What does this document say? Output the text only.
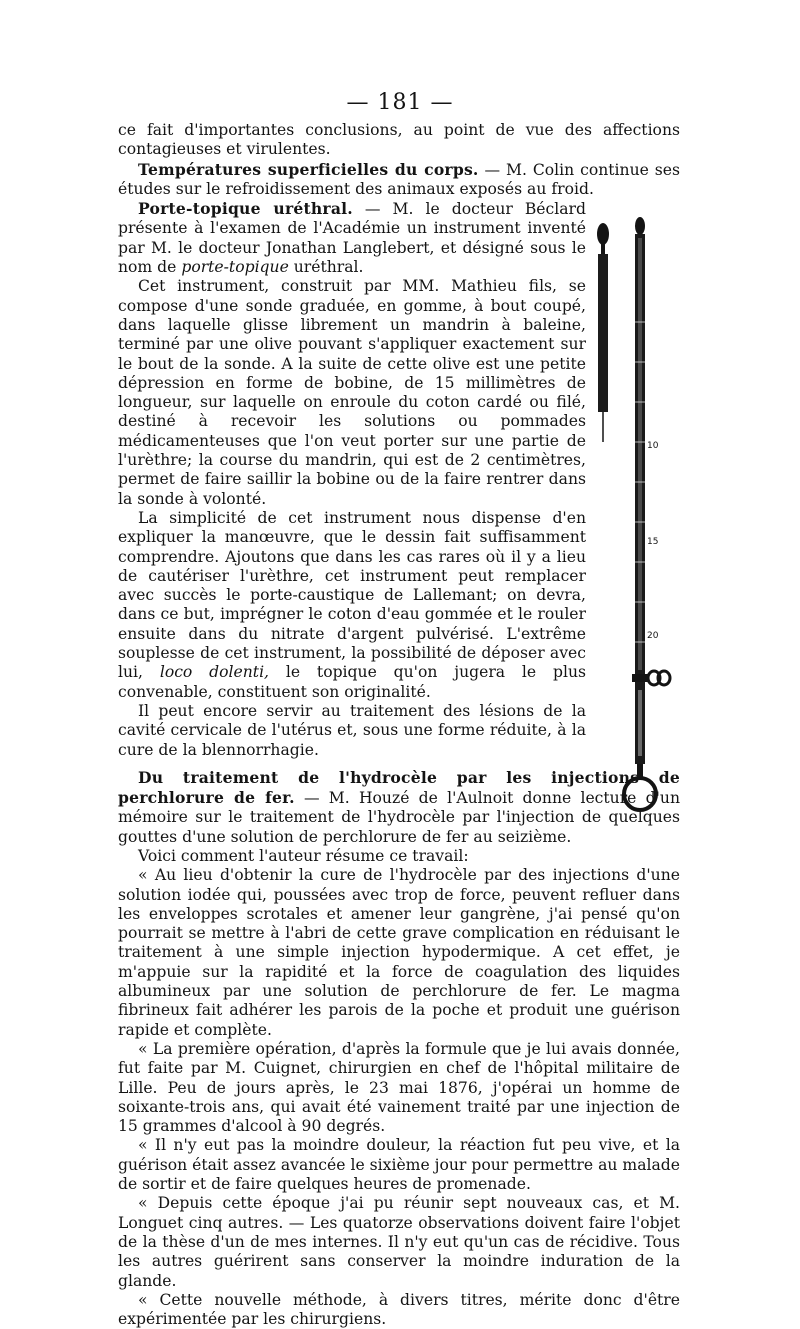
— 181 —
10
15
20

ce fait d'importantes conclusions, au point de vue des affections contagieuses et virulentes.

Températures superficielles du corps. — M. Colin continue ses études sur le refroidissement des animaux exposés au froid.

Porte-topique uréthral. — M. le docteur Béclard présente à l'examen de l'Académie un instrument inventé par M. le docteur Jonathan Langlebert, et désigné sous le nom de porte-topique uréthral.

Cet instrument, construit par MM. Mathieu fils, se compose d'une sonde graduée, en gomme, à bout coupé, dans laquelle glisse librement un mandrin à baleine, terminé par une olive pouvant s'appliquer exactement sur le bout de la sonde. A la suite de cette olive est une petite dépression en forme de bobine, de 15 millimètres de longueur, sur laquelle on enroule du coton cardé ou filé, destiné à recevoir les solutions ou pommades médicamenteuses que l'on veut porter sur une partie de l'urèthre; la course du mandrin, qui est de 2 centimètres, permet de faire saillir la bobine ou de la faire rentrer dans la sonde à volonté.

La simplicité de cet instrument nous dispense d'en expliquer la manœuvre, que le dessin fait suffisamment comprendre. Ajoutons que dans les cas rares où il y a lieu de cautériser l'urèthre, cet instrument peut remplacer avec succès le porte-caustique de Lallemant; on devra, dans ce but, imprégner le coton d'eau gommée et le rouler ensuite dans du nitrate d'argent pulvérisé. L'extrême souplesse de cet instrument, la possibilité de déposer avec lui, loco dolenti, le topique qu'on jugera le plus convenable, constituent son originalité.

Il peut encore servir au traitement des lésions de la cavité cervicale de l'utérus et, sous une forme réduite, à la cure de la blennorrhagie.

Du traitement de l'hydrocèle par les injections de perchlorure de fer. — M. Houzé de l'Aulnoit donne lecture d'un mémoire sur le traitement de l'hydrocèle par l'injection de quelques gouttes d'une solution de perchlorure de fer au seizième.

Voici comment l'auteur résume ce travail:

« Au lieu d'obtenir la cure de l'hydrocèle par des injections d'une solution iodée qui, poussées avec trop de force, peuvent refluer dans les enveloppes scrotales et amener leur gangrène, j'ai pensé qu'on pourrait se mettre à l'abri de cette grave complication en réduisant le traitement à une simple injection hypodermique. A cet effet, je m'appuie sur la rapidité et la force de coagulation des liquides albumineux par une solution de perchlorure de fer. Le magma fibrineux fait adhérer les parois de la poche et produit une guérison rapide et complète.

« La première opération, d'après la formule que je lui avais donnée, fut faite par M. Cuignet, chirurgien en chef de l'hôpital militaire de Lille. Peu de jours après, le 23 mai 1876, j'opérai un homme de soixante-trois ans, qui avait été vainement traité par une injection de 15 grammes d'alcool à 90 degrés.

« Il n'y eut pas la moindre douleur, la réaction fut peu vive, et la guérison était assez avancée le sixième jour pour permettre au malade de sortir et de faire quelques heures de promenade.

« Depuis cette époque j'ai pu réunir sept nouveaux cas, et M. Longuet cinq autres. — Les quatorze observations doivent faire l'objet de la thèse d'un de mes internes. Il n'y eut qu'un cas de récidive. Tous les autres guérirent sans conserver la moindre induration de la glande.

« Cette nouvelle méthode, à divers titres, mérite donc d'être expérimentée par les chirurgiens.
